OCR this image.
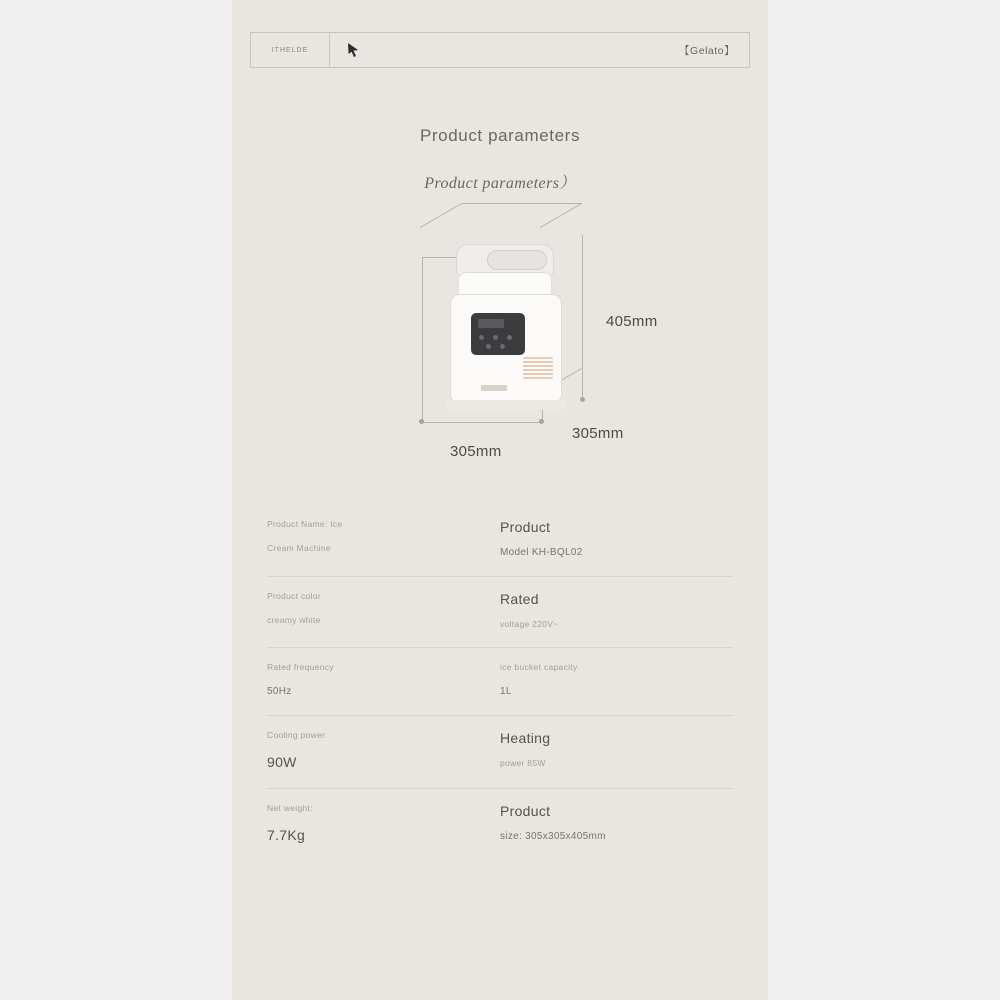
ITHELDE	【Gelato】
Product parameters
Product parameters）
405mm
305mm
305mm
Product Name: Ice
Cream Machine
Product
Model KH-BQL02
Product color
creamy white
Rated
voltage 220V~
Rated frequency
50Hz
ice bucket capacity
1L
Cooling power
90W
Heating
power 85W
Net weight:
7.7Kg
Product
size: 305x305x405mm
